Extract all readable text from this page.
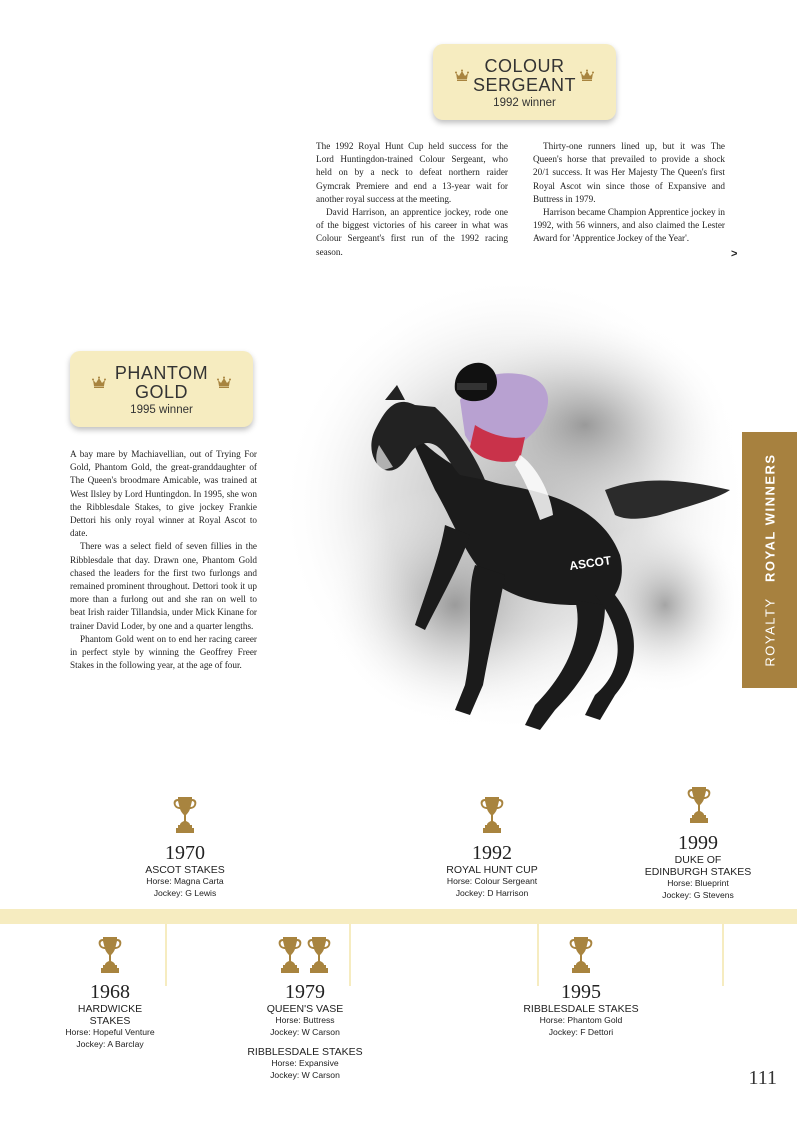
COLOUR
SERGEANT
1992 winner

The 1992 Royal Hunt Cup held success for the Lord Huntingdon-trained Colour Sergeant, who held on by a neck to defeat northern raider Gymcrak Premiere and end a 13-year wait for another royal success at the meeting.

David Harrison, an apprentice jockey, rode one of the biggest victories of his career in what was Colour Sergeant's first run of the 1992 racing season.

Thirty-one runners lined up, but it was The Queen's horse that prevailed to provide a shock 20/1 success. It was Her Majesty The Queen's first Royal Ascot win since those of Expansive and Buttress in 1979.

Harrison became Champion Apprentice jockey in 1992, with 56 winners, and also claimed the Lester Award for 'Apprentice Jockey of the Year'.

>
PHANTOM
GOLD
1995 winner

A bay mare by Machiavellian, out of Trying For Gold, Phantom Gold, the great-granddaughter of The Queen's broodmare Amicable, was trained at West Ilsley by Lord Huntingdon. In 1995, she won the Ribblesdale Stakes, to give jockey Frankie Dettori his only royal winner at Royal Ascot to date.

There was a select field of seven fillies in the Ribblesdale that day. Drawn one, Phantom Gold chased the leaders for the first two furlongs and remained prominent throughout. Dettori took it up more than a furlong out and she ran on well to beat Irish raider Tillandsia, under Mick Kinane for trainer David Loder, by one and a quarter lengths.

Phantom Gold went on to end her racing career in perfect style by winning the Geoffrey Freer Stakes in the following year, at the age of four.

ASCOT
ROYALTY   ROYAL WINNERS
1970
ASCOT STAKES
Horse: Magna Carta
Jockey: G Lewis
1992
ROYAL HUNT CUP
Horse: Colour Sergeant
Jockey: D Harrison
1999
DUKE OF
EDINBURGH STAKES
Horse: Blueprint
Jockey: G Stevens
1968
HARDWICKE
STAKES
Horse: Hopeful Venture
Jockey: A Barclay
1979
QUEEN'S VASE
Horse: Buttress
Jockey: W Carson
RIBBLESDALE STAKES
Horse: Expansive
Jockey: W Carson
1995
RIBBLESDALE STAKES
Horse: Phantom Gold
Jockey: F Dettori
111
